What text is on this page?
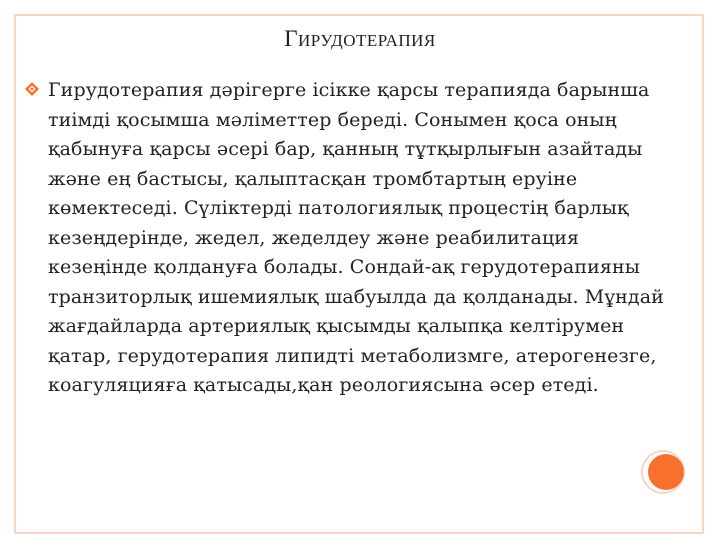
ГИРУДОТЕРАПИЯ

Гирудотерапия дәрігерге ісікке қарсы терапияда барынша тиімді қосымша мәліметтер береді. Сонымен қоса оның қабынуға қарсы әсері бар, қанның тұтқырлығын азайтады және ең бастысы, қалыптасқан тромбтартың еруіне көмектеседі. Сүліктерді патологиялық процестің барлық кезеңдерінде, жедел, жеделдеу және реабилитация кезеңінде қолдануға болады. Сондай-ақ герудотерапияны транзиторлық ишемиялық шабуылда да қолданады. Мұндай жағдайларда артериялық қысымды қалыпқа келтірумен қатар, герудотерапия липидті метаболизмге, атерогенезге, коагуляцияға қатысады,қан реологиясына әсер етеді.
